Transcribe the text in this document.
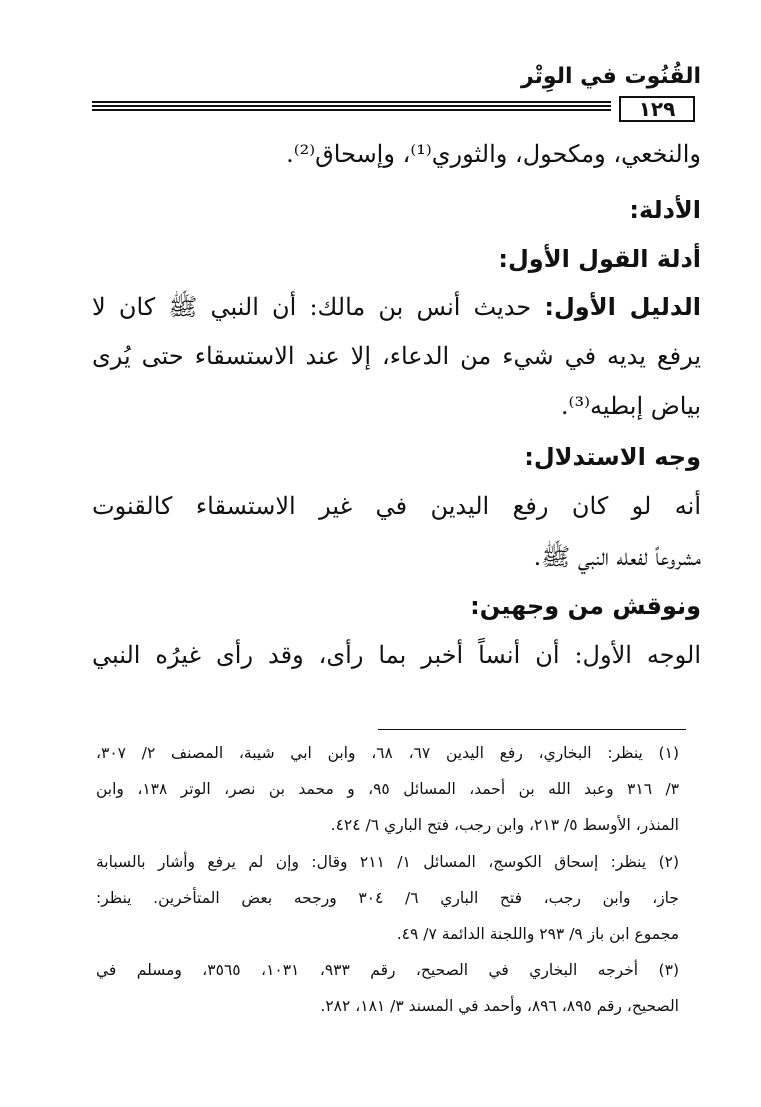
القُنُوت في الوِتْر
١٢٩
والنخعي، ومكحول، والثوري⁽¹⁾، وإسحاق⁽²⁾.
الأدلة:
أدلة القول الأول:
الدليل الأول: حديث أنس بن مالك: أن النبي ﷺ كان لا
يرفع يديه في شيء من الدعاء، إلا عند الاستسقاء حتى يُرى
بياض إبطيه⁽³⁾.
وجه الاستدلال:
أنه لو كان رفع اليدين في غير الاستسقاء كالقنوت
مشروعاً لفعله النبي ﷺ.
ونوقش من وجهين:
الوجه الأول: أن أنساً أخبر بما رأى، وقد رأى غيرُه النبي
(١) ينظر: البخاري، رفع اليدين ٦٧، ٦٨، وابن ابي شيبة، المصنف ٢/ ٣٠٧،
٣/ ٣١٦ وعبد الله بن أحمد، المسائل ٩٥، و محمد بن نصر، الوتر ١٣٨، وابن
المنذر، الأوسط ٥/ ٢١٣، وابن رجب، فتح الباري ٦/ ٤٢٤.
(٢) ينظر: إسحاق الكوسج، المسائل ١/ ٢١١ وقال: وإن لم يرفع وأشار بالسبابة
جاز، وابن رجب، فتح الباري ٦/ ٣٠٤ ورجحه بعض المتأخرين. ينظر:
مجموع ابن باز ٩/ ٢٩٣ واللجنة الدائمة ٧/ ٤٩.
(٣) أخرجه البخاري في الصحيح، رقم ٩٣٣، ١٠٣١، ٣٥٦٥، ومسلم في
الصحيح، رقم ٨٩٥، ٨٩٦، وأحمد في المسند ٣/ ١٨١، ٢٨٢.
